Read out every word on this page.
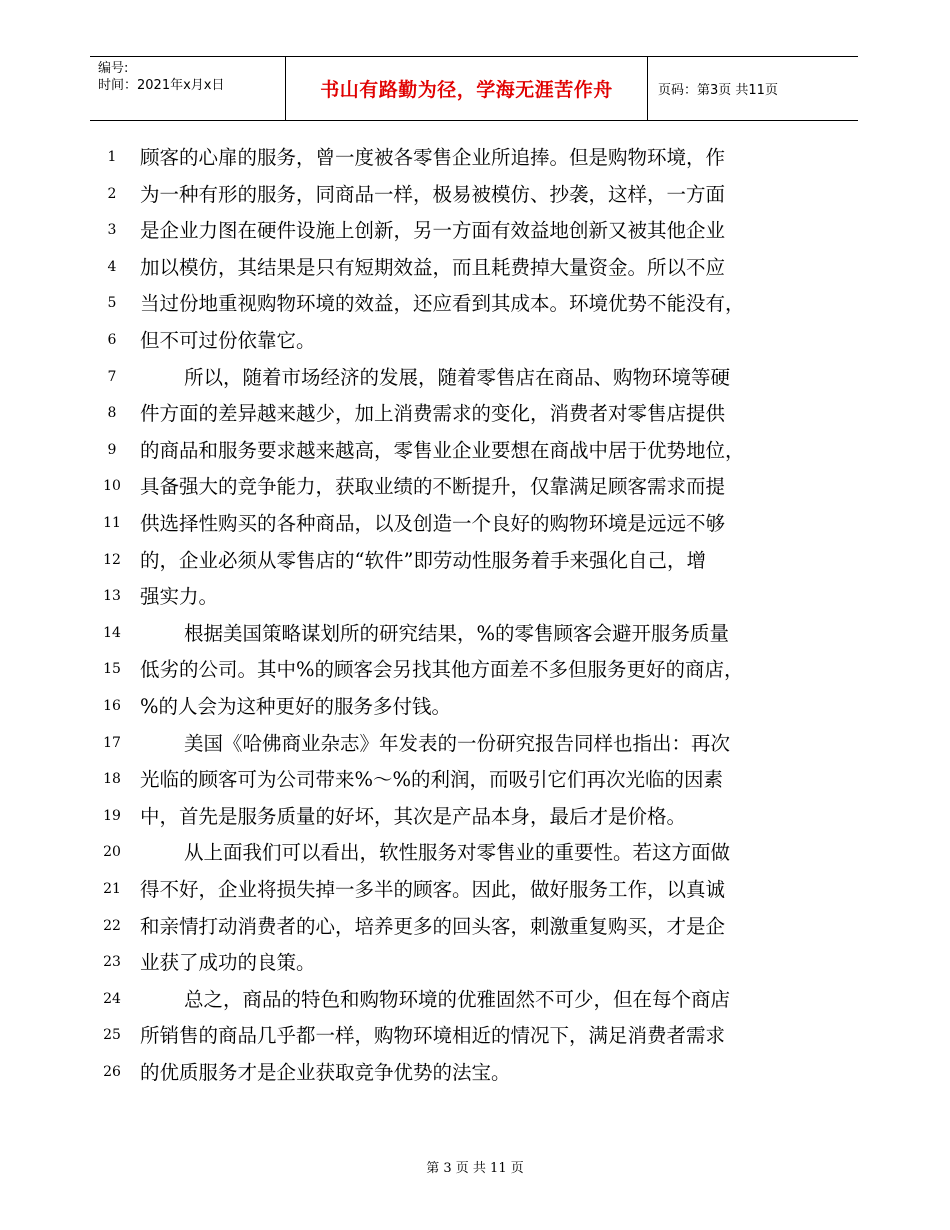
编号:
时间：2021年x月x日	书山有路勤为径，学海无涯苦作舟	页码：第3页 共11页
1	顾客的心扉的服务，曾一度被各零售企业所追捧。但是购物环境，作
2	为一种有形的服务，同商品一样，极易被模仿、抄袭，这样，一方面
3	是企业力图在硬件设施上创新，另一方面有效益地创新又被其他企业
4	加以模仿，其结果是只有短期效益，而且耗费掉大量资金。所以不应
5	当过份地重视购物环境的效益，还应看到其成本。环境优势不能没有，
6	但不可过份依靠它。
7	所以，随着市场经济的发展，随着零售店在商品、购物环境等硬
8	件方面的差异越来越少，加上消费需求的变化，消费者对零售店提供
9	的商品和服务要求越来越高，零售业企业要想在商战中居于优势地位，
10 具备强大的竞争能力，获取业绩的不断提升，仅靠满足顾客需求而提
11 供选择性购买的各种商品，以及创造一个良好的购物环境是远远不够
12 的，企业必须从零售店的“软件”即劳动性服务着手来强化自己，增
13 强实力。
14	根据美国策略谋划所的研究结果，%的零售顾客会避开服务质量
15 低劣的公司。其中%的顾客会另找其他方面差不多但服务更好的商店，
16 %的人会为这种更好的服务多付钱。
17	美国《哈佛商业杂志》年发表的一份研究报告同样也指出：再次
18 光临的顾客可为公司带来%～%的利润，而吸引它们再次光临的因素
19 中，首先是服务质量的好坏，其次是产品本身，最后才是价格。
20	从上面我们可以看出，软性服务对零售业的重要性。若这方面做
21 得不好，企业将损失掉一多半的顾客。因此，做好服务工作，以真诚
22 和亲情打动消费者的心，培养更多的回头客，刺激重复购买，才是企
23 业获了成功的良策。
24	总之，商品的特色和购物环境的优雅固然不可少，但在每个商店
25 所销售的商品几乎都一样，购物环境相近的情况下，满足消费者需求
26 的优质服务才是企业获取竞争优势的法宝。
第 3 页 共 11 页
